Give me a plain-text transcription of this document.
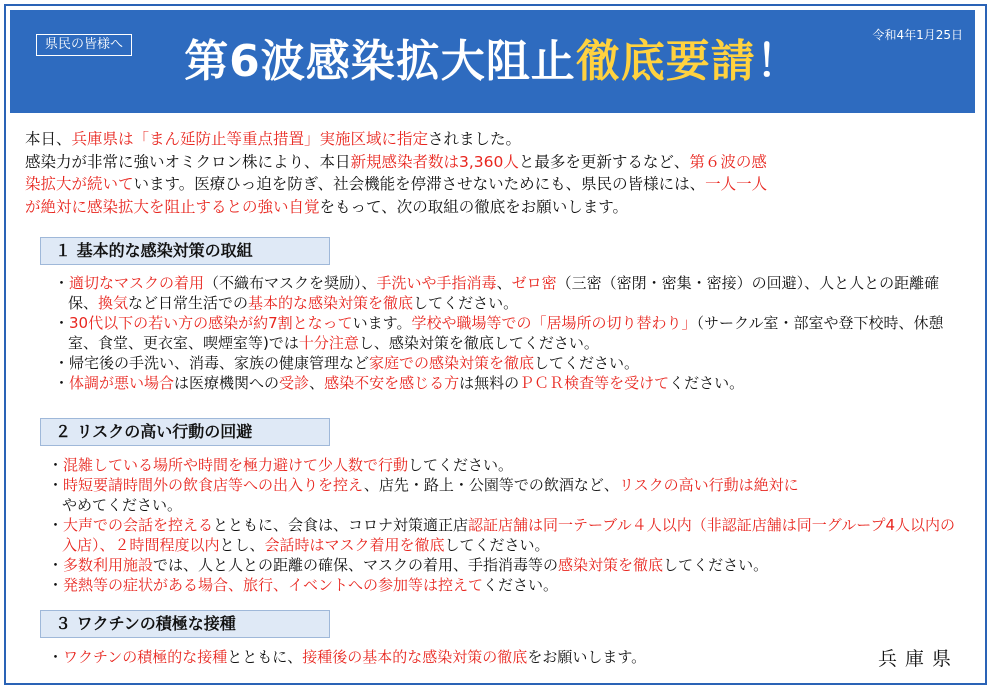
県民の皆様へ
令和4年1月25日
第6波感染拡大阻止徹底要請！

本日、兵庫県は「まん延防止等重点措置」実施区域に指定されました。

感染力が非常に強いオミクロン株により、本日新規感染者数は3,360人と最多を更新するなど、第６波の感
染拡大が続いています。医療ひっ迫を防ぎ、社会機能を停滞させないためにも、県民の皆様には、一人一人
が絶対に感染拡大を阻止するとの強い自覚をもって、次の取組の徹底をお願いします。

１ 基本的な感染対策の取組
・ 適切なマスクの着用（不織布マスクを奨励）、手洗いや手指消毒、ゼロ密（三密（密閉・密集・密接）の回避）、人と人との距離確保、換気など日常生活での基本的な感染対策を徹底してください。
・ 30代以下の若い方の感染が約7割となっています。学校や職場等での「居場所の切り替わり」（サークル室・部室や登下校時、休憩室、食堂、更衣室、喫煙室等)では十分注意し、感染対策を徹底してください。
・ 帰宅後の手洗い、消毒、家族の健康管理など家庭での感染対策を徹底してください。
・ 体調が悪い場合は医療機関への受診、感染不安を感じる方は無料のＰＣＲ検査等を受けてください。
２ リスクの高い行動の回避
・ 混雑している場所や時間を極力避けて少人数で行動してください。
・ 時短要請時間外の飲食店等への出入りを控え、店先・路上・公園等での飲酒など、リスクの高い行動は絶対に
やめてください。
・ 大声での会話を控えるとともに、会食は、コロナ対策適正店認証店舗は同一テーブル４人以内（非認証店舗は同一グループ4人以内の入店）、２時間程度以内とし、会話時はマスク着用を徹底してください。
・ 多数利用施設では、人と人との距離の確保、マスクの着用、手指消毒等の感染対策を徹底してください。
・ 発熱等の症状がある場合、旅行、イベントへの参加等は控えてください。
３ ワクチンの積極な接種
・ ワクチンの積極的な接種とともに、接種後の基本的な感染対策の徹底をお願いします。	兵庫県
